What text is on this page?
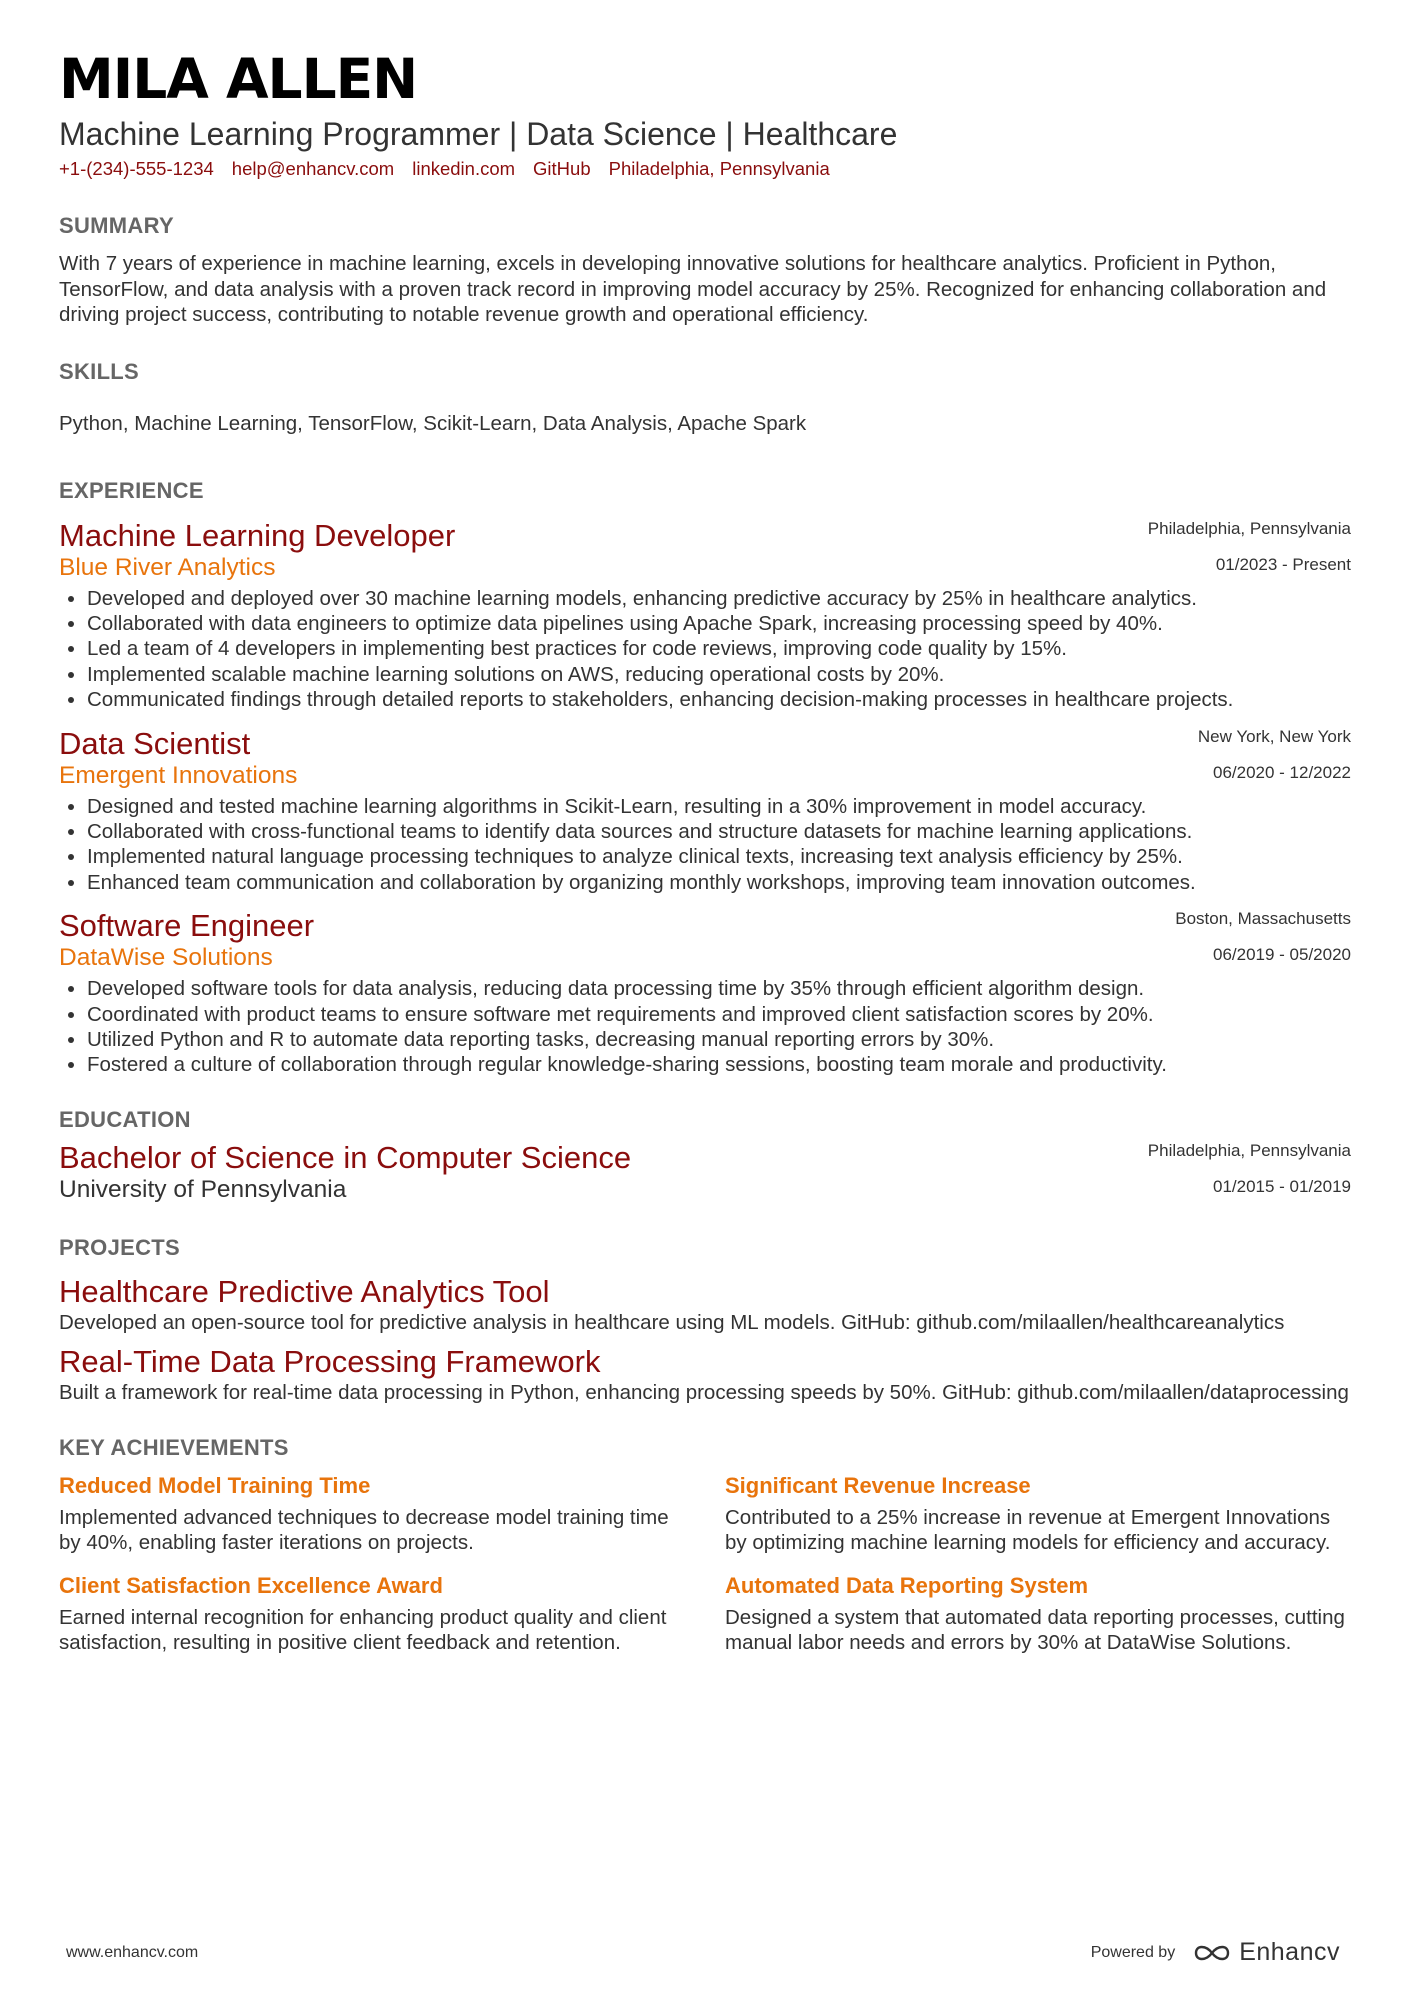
MILA ALLEN
Machine Learning Programmer | Data Science | Healthcare
+1-(234)-555-1234 help@enhancv.com linkedin.com GitHub Philadelphia, Pennsylvania
SUMMARY
With 7 years of experience in machine learning, excels in developing innovative solutions for healthcare analytics. Proficient in Python, TensorFlow, and data analysis with a proven track record in improving model accuracy by 25%. Recognized for enhancing collaboration and driving project success, contributing to notable revenue growth and operational efficiency.
SKILLS
Python, Machine Learning, TensorFlow, Scikit-Learn, Data Analysis, Apache Spark
EXPERIENCE
Machine Learning Developer
Blue River Analytics
Philadelphia, Pennsylvania
01/2023 - Present
• Developed and deployed over 30 machine learning models, enhancing predictive accuracy by 25% in healthcare analytics.
• Collaborated with data engineers to optimize data pipelines using Apache Spark, increasing processing speed by 40%.
• Led a team of 4 developers in implementing best practices for code reviews, improving code quality by 15%.
• Implemented scalable machine learning solutions on AWS, reducing operational costs by 20%.
• Communicated findings through detailed reports to stakeholders, enhancing decision-making processes in healthcare projects.
Data Scientist
Emergent Innovations
New York, New York
06/2020 - 12/2022
• Designed and tested machine learning algorithms in Scikit-Learn, resulting in a 30% improvement in model accuracy.
• Collaborated with cross-functional teams to identify data sources and structure datasets for machine learning applications.
• Implemented natural language processing techniques to analyze clinical texts, increasing text analysis efficiency by 25%.
• Enhanced team communication and collaboration by organizing monthly workshops, improving team innovation outcomes.
Software Engineer
DataWise Solutions
Boston, Massachusetts
06/2019 - 05/2020
• Developed software tools for data analysis, reducing data processing time by 35% through efficient algorithm design.
• Coordinated with product teams to ensure software met requirements and improved client satisfaction scores by 20%.
• Utilized Python and R to automate data reporting tasks, decreasing manual reporting errors by 30%.
• Fostered a culture of collaboration through regular knowledge-sharing sessions, boosting team morale and productivity.
EDUCATION
Bachelor of Science in Computer Science
University of Pennsylvania
Philadelphia, Pennsylvania
01/2015 - 01/2019
PROJECTS
Healthcare Predictive Analytics Tool
Developed an open-source tool for predictive analysis in healthcare using ML models. GitHub: github.com/milaallen/healthcareanalytics
Real-Time Data Processing Framework
Built a framework for real-time data processing in Python, enhancing processing speeds by 50%. GitHub: github.com/milaallen/dataprocessing
KEY ACHIEVEMENTS
Reduced Model Training Time
Implemented advanced techniques to decrease model training time by 40%, enabling faster iterations on projects.
Significant Revenue Increase
Contributed to a 25% increase in revenue at Emergent Innovations by optimizing machine learning models for efficiency and accuracy.
Client Satisfaction Excellence Award
Earned internal recognition for enhancing product quality and client satisfaction, resulting in positive client feedback and retention.
Automated Data Reporting System
Designed a system that automated data reporting processes, cutting manual labor needs and errors by 30% at DataWise Solutions.
www.enhancv.com	Powered by	Enhancv
